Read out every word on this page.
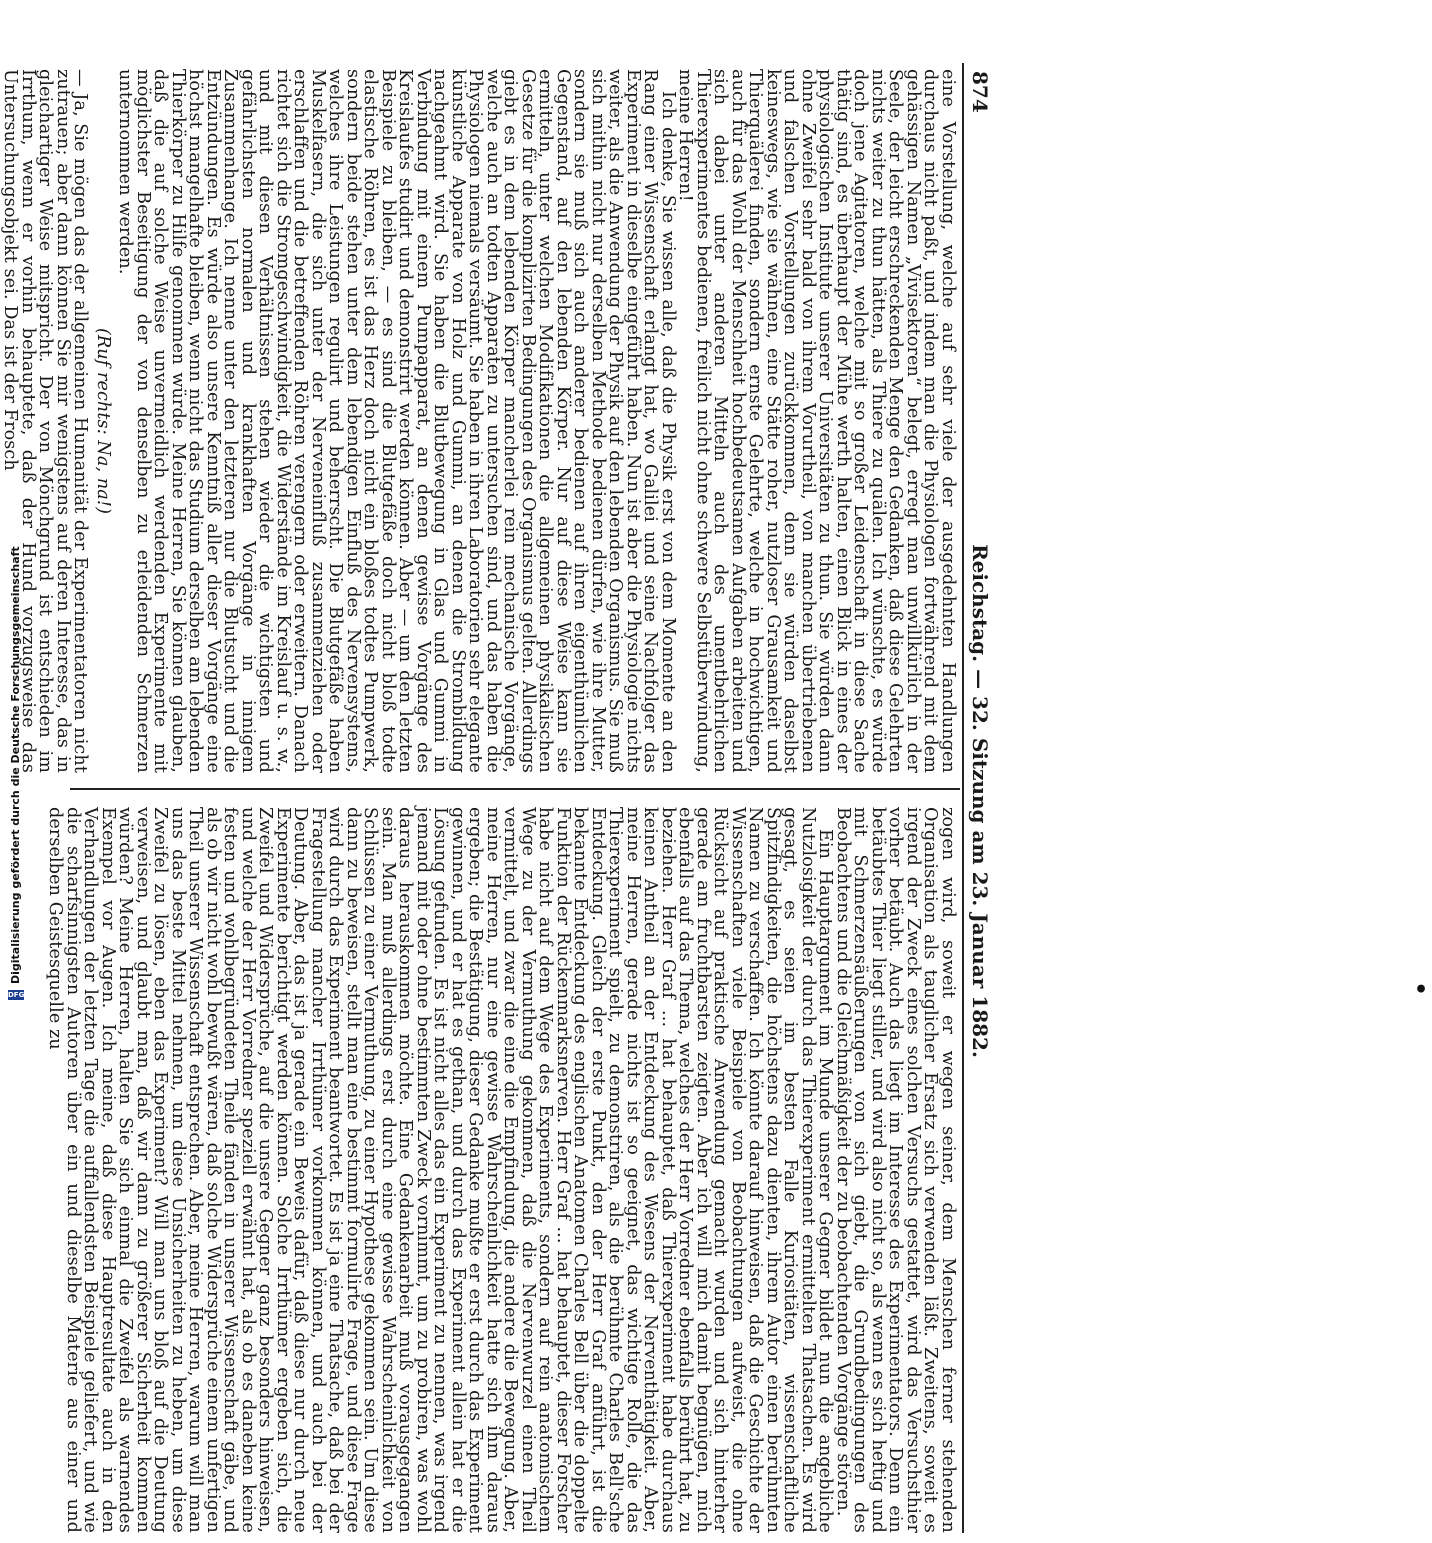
Digitalisierung gefördert durch die Deutsche Forschungsgemeinschaft
DFG
874
Reichstag. — 32. Sitzung am 23. Januar 1882.

eine Vorstellung, welche auf sehr viele der ausgedehnten Handlungen durchaus nicht paßt, und indem man die Physiologen fortwährend mit dem gehässigen Namen „Vivisektoren“ belegt, erregt man unwillkürlich in der Seele, der leicht erschreckenden Menge den Gedanken, daß diese Gelehrten nichts weiter zu thun hätten, als Thiere zu quälen. Ich wünschte, es würde doch jene Agitatoren, welche mit so großer Leidenschaft in diese Sache thätig sind, es überhaupt der Mühe werth halten, einen Blick in eines der physiologischen Institute unserer Universitäten zu thun. Sie würden dann ohne Zweifel sehr bald von ihrem Vorurtheil, von manchen übertriebenen und falschen Vorstellungen zurückkommen, denn sie würden daselbst keineswegs, wie sie wähnen, eine Stätte roher, nutzloser Grausamkeit und Thierquälerei finden, sondern ernste Gelehrte, welche in hochwichtigen, auch für das Wohl der Menschheit hochbedeutsamen Aufgaben arbeiten und sich dabei unter anderen Mitteln auch des unentbehrlichen Thierexperimentes bedienen, freilich nicht ohne schwere Selbstüberwindung, meine Herren!

Ich denke, Sie wissen alle, daß die Physik erst von dem Momente an den Rang einer Wissenschaft erlangt hat, wo Galilei und seine Nachfolger das Experiment in dieselbe eingeführt haben. Nun ist aber die Physiologie nichts weiter, als die Anwendung der Physik auf den lebenden Organismus. Sie muß sich mithin nicht nur derselben Methode bedienen dürfen, wie ihre Mutter, sondern sie muß sich auch anderer bedienen auf ihren eigenthümlichen Gegenstand, auf den lebenden Körper. Nur auf diese Weise kann sie ermitteln, unter welchen Modifikationen die allgemeinen physikalischen Gesetze für die komplizirten Bedingungen des Organismus gelten. Allerdings giebt es in dem lebenden Körper mancherlei rein mechanische Vorgänge, welche auch an todten Apparaten zu untersuchen sind, und das haben die Physiologen niemals versäumt. Sie haben in ihren Laboratorien sehr elegante künstliche Apparate von Holz und Gummi, an denen die Strombildung nachgeahmt wird. Sie haben die Blutbewegung in Glas und Gummi in Verbindung mit einem Pumpapparat, an denen gewisse Vorgänge des Kreislaufes studirt und demonstrirt werden können. Aber — um den letzten Beispiele zu bleiben, — es sind die Blutgefäße doch nicht bloß todte elastische Röhren, es ist das Herz doch nicht ein bloßes todtes Pumpwerk, sondern beide stehen unter dem lebendigen Einfluß des Nervensystems, welches ihre Leistungen regulirt und beherrscht. Die Blutgefäße haben Muskelfasern, die sich unter der Nerveneinfluß zusammenziehen oder erschlaffen und die betreffenden Röhren verengern oder erweitern. Danach richtet sich die Stromgeschwindigkeit, die Widerstände im Kreislauf u. s. w., und mit diesen Verhältnissen stehen wieder die wichtigsten und gefährlichsten normalen und krankhaften Vorgänge in innigem Zusammenhange. Ich nenne unter den letzteren nur die Blutsucht und die Entzündungen. Es würde also unsere Kenntniß aller dieser Vorgänge eine höchst mangelhafte bleiben, wenn nicht das Studium derselben am lebenden Thierkörper zu Hilfe genommen würde. Meine Herren, Sie können glauben, daß die auf solche Weise unvermeidlich werdenden Experimente mit möglichster Beseitigung der von denselben zu erleidenden Schmerzen unternommen werden.

(Ruf rechts: Na, na!)

— Ja, Sie mögen das der allgemeinen Humanität der Experimentatoren nicht zutrauen; aber dann können Sie mir wenigstens auf deren Interesse, das in gleichartiger Weise mitspricht. Der von Mönchgrund ist entschieden im Irrthum, wenn er vorhin behauptete, daß der Hund vorzugsweise das Untersuchungsobjekt sei. Das ist der Frosch

zogen wird, soweit er wegen seiner, dem Menschen ferner stehenden Organisation als tauglicher Ersatz sich verwenden läßt. Zweitens, soweit es irgend der Zweck eines solchen Versuchs gestattet, wird das Versuchsthier vorher betäubt. Auch das liegt im Interesse des Experimentators. Denn ein betäubtes Thier liegt stiller, und wird also nicht so, als wenn es sich heftig und mit Schmerzensäußerungen von sich giebt, die Grundbedingungen des Beobachtens und die Gleichmäßigkeit der zu beobachtenden Vorgänge stören.

Ein Hauptargument im Munde unserer Gegner bildet nun die angebliche Nutzlosigkeit der durch das Thierexperiment ermittelten Thatsachen. Es wird gesagt, es seien im besten Falle Kuriositäten, wissenschaftliche Spitzfindigkeiten, die höchstens dazu dienten, ihrem Autor einen berühmten Namen zu verschaffen. Ich könnte darauf hinweisen, daß die Geschichte der Wissenschaften viele Beispiele von Beobachtungen aufweist, die ohne Rücksicht auf praktische Anwendung gemacht wurden und sich hinterher gerade am fruchtbarsten zeigten. Aber ich will mich damit begnügen, mich ebenfalls auf das Thema, welches der Herr Vorredner ebenfalls berührt hat, zu beziehen. Herr Graf ... hat behauptet, daß Thierexperiment habe durchaus keinen Antheil an der Entdeckung des Wesens der Nerventhätigkeit. Aber, meine Herren, gerade nichts ist so geeignet, das wichtige Rolle, die das Thierexperiment spielt, zu demonstriren, als die berühmte Charles Bell'sche Entdeckung. Gleich der erste Punkt, den der Herr Graf anführt, ist die bekannte Entdeckung des englischen Anatomen Charles Bell über die doppelte Funktion der Rückenmarksnerven. Herr Graf ... hat behauptet, dieser Forscher habe nicht auf dem Wege des Experiments, sondern auf rein anatomischem Wege zu der Vermuthung gekommen, daß die Nervenwurzel einen Theil vermittelt, und zwar die eine die Empfindung, die andere die Bewegung. Aber, meine Herren, nur eine gewisse Wahrscheinlichkeit hatte sich ihm daraus ergeben; die Bestätigung, dieser Gedanke mußte er erst durch das Experiment gewinnen, und er hat es gethan, und durch das Experiment allein hat er die Lösung gefunden. Es ist nicht alles das ein Experiment zu nennen, was irgend jemand mit oder ohne bestimmten Zweck vornimmt, um zu probiren, was wohl daraus herauskommen möchte. Eine Gedankenarbeit muß vorausgegangen sein. Man muß allerdings erst durch eine gewisse Wahrscheinlichkeit von Schlüssen zu einer Vermuthung, zu einer Hypothese gekommen sein. Um diese dann zu beweisen, stellt man eine bestimmt formulirte Frage, und diese Frage wird durch das Experiment beantwortet. Es ist ja eine Thatsache, daß bei der Fragestellung mancher Irrthümer vorkommen können, und auch bei der Deutung. Aber, das ist ja gerade ein Beweis dafür, daß diese nur durch neue Experimente berichtigt werden können. Solche Irrthümer ergeben sich, die Zweifel und Widersprüche, auf die unsere Gegner ganz besonders hinweisen, und welche der Herr Vorredner speziell erwähnt hat, als ob es daneben keine festen und wohlbegründeten Theile fänden in unserer Wissenschaft gäbe, und als ob wir nicht wohl bewußt wären, daß solche Widersprüche einem unfertigen Theil unserer Wissenschaft entsprechen. Aber, meine Herren, warum will man uns das beste Mittel nehmen, um diese Unsicherheiten zu heben, um diese Zweifel zu lösen, eben das Experiment? Will man uns bloß auf die Deutung verweisen, und glaubt man, daß wir dann zu größerer Sicherheit kommen würden? Meine Herren, halten Sie sich einmal die Zweifel als warnendes Exempel vor Augen. Ich meine, daß diese Hauptresultate auch in den Verhandlungen der letzten Tage die auffallendsten Beispiele geliefert, und wie die scharfsinnigsten Autoren über ein und dieselbe Materie aus einer und derselben Geistesquelle zu	•
